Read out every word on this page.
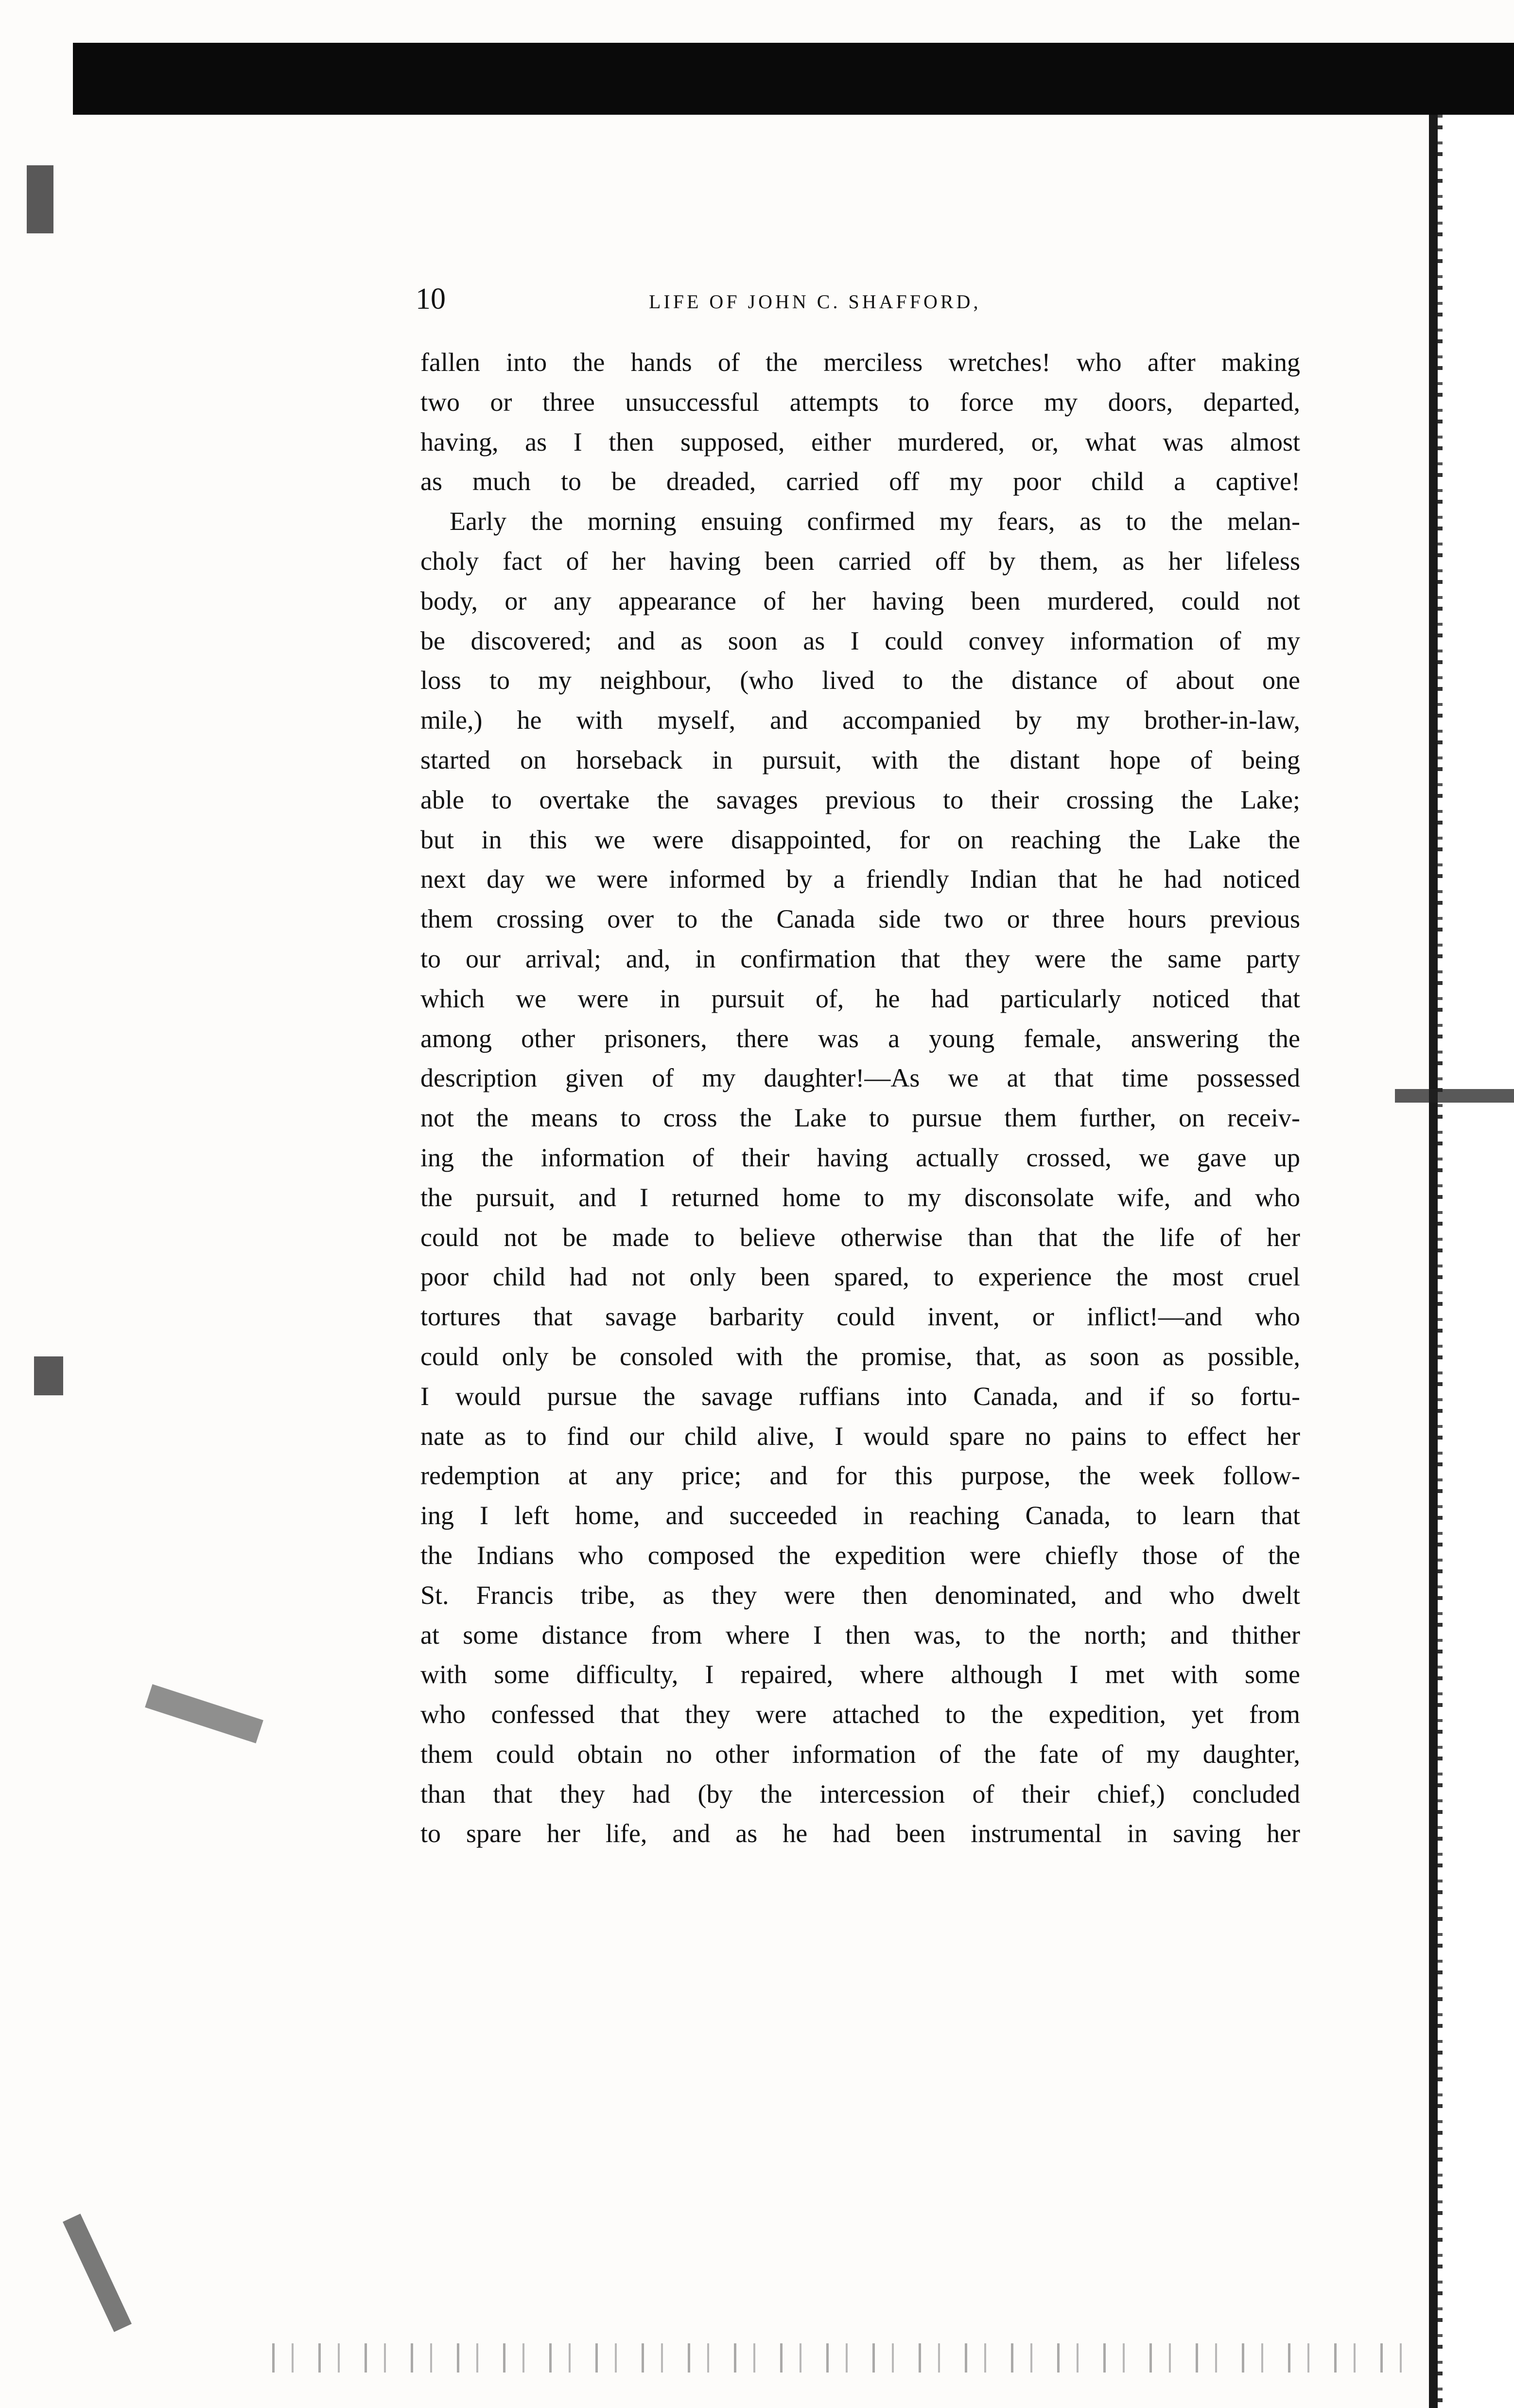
10	LIFE OF JOHN C. SHAFFORD,
fallen into the hands of the merciless wretches! who after making
two or three unsuccessful attempts to force my doors, departed,
having, as I then supposed, either murdered, or, what was almost
as much to be dreaded, carried off my poor child a captive!
Early the morning ensuing confirmed my fears, as to the melan-
choly fact of her having been carried off by them, as her lifeless
body, or any appearance of her having been murdered, could not
be discovered; and as soon as I could convey information of my
loss to my neighbour, (who lived to the distance of about one
mile,) he with myself, and accompanied by my brother-in-law,
started on horseback in pursuit, with the distant hope of being
able to overtake the savages previous to their crossing the Lake;
but in this we were disappointed, for on reaching the Lake the
next day we were informed by a friendly Indian that he had noticed
them crossing over to the Canada side two or three hours previous
to our arrival; and, in confirmation that they were the same party
which we were in pursuit of, he had particularly noticed that
among other prisoners, there was a young female, answering the
description given of my daughter!—As we at that time possessed
not the means to cross the Lake to pursue them further, on receiv-
ing the information of their having actually crossed, we gave up
the pursuit, and I returned home to my disconsolate wife, and who
could not be made to believe otherwise than that the life of her
poor child had not only been spared, to experience the most cruel
tortures that savage barbarity could invent, or inflict!—and who
could only be consoled with the promise, that, as soon as possible,
I would pursue the savage ruffians into Canada, and if so fortu-
nate as to find our child alive, I would spare no pains to effect her
redemption at any price; and for this purpose, the week follow-
ing I left home, and succeeded in reaching Canada, to learn that
the Indians who composed the expedition were chiefly those of the
St. Francis tribe, as they were then denominated, and who dwelt
at some distance from where I then was, to the north; and thither
with some difficulty, I repaired, where although I met with some
who confessed that they were attached to the expedition, yet from
them could obtain no other information of the fate of my daughter,
than that they had (by the intercession of their chief,) concluded
to spare her life, and as he had been instrumental in saving her
